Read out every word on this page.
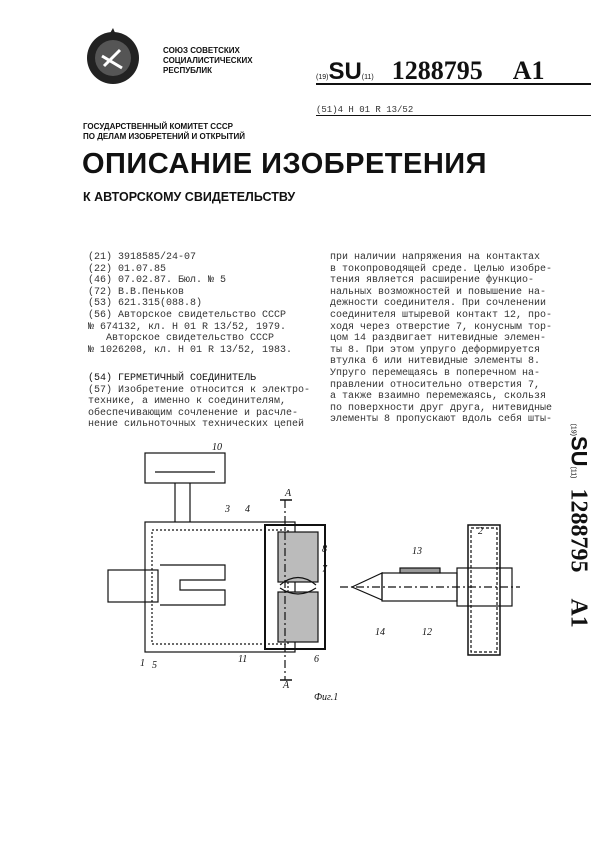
СОЮЗ СОВЕТСКИХ
СОЦИАЛИСТИЧЕСКИХ
РЕСПУБЛИК
(19)SU(11) 1288795 A1
(51)4 Н 01 R 13/52
ГОСУДАРСТВЕННЫЙ КОМИТЕТ СССР
ПО ДЕЛАМ ИЗОБРЕТЕНИЙ И ОТКРЫТИЙ
ОПИСАНИЕ ИЗОБРЕТЕНИЯ
К АВТОРСКОМУ СВИДЕТЕЛЬСТВУ
(21) 3918585/24-07
(22) 01.07.85
(46) 07.02.87. Бюл. № 5
(72) В.В.Пеньков
(53) 621.315(088.8)
(56) Авторское свидетельство СССР
№ 674132, кл. Н 01 R 13/52, 1979.
Авторское свидетельство СССР
№ 1026208, кл. Н 01 R 13/52, 1983.
(54) ГЕРМЕТИЧНЫЙ СОЕДИНИТЕЛЬ
(57) Изобретение относится к электро-
технике, а именно к соединителям,
обеспечивающим сочленение и расчле-
нение сильноточных технических цепей
при наличии напряжения на контактах
в токопроводящей среде. Целью изобре-
тения является расширение функцио-
нальных возможностей и повышение на-
дежности соединителя. При сочленении
соединителя штыревой контакт 12, про-
ходя через отверстие 7, конусным тор-
цом 14 раздвигает нитевидные элемен-
ты 8. При этом упруго деформируется
втулка 6 или нитевидные элементы 8.
Упруго перемещаясь в поперечном на-
правлении относительно отверстия 7,
а также взаимно перемежаясь, скользя
по поверхности друг друга, нитевидные
элементы 8 пропускают вдоль себя шты-
(19)SU(11) 1288795 A1
10
3 4
А
8
7
2
13
1 5
11	6
А
14	12
Фиг.1
